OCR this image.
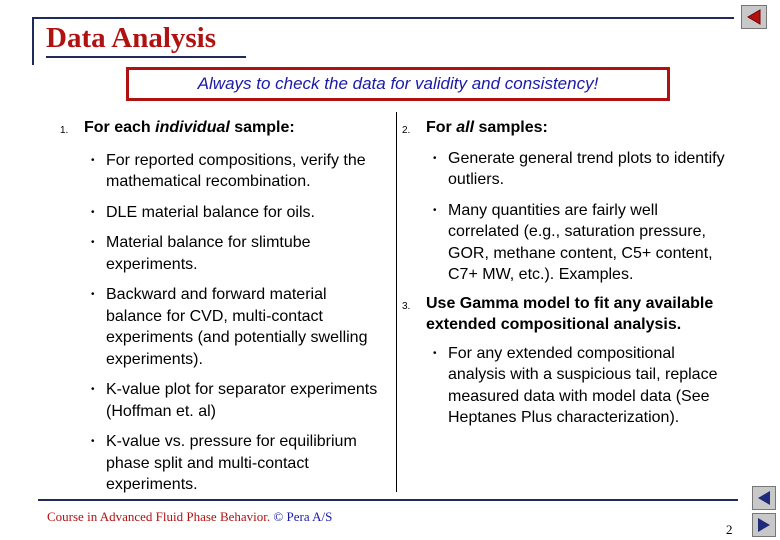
Data Analysis
Always to check the data for validity and consistency!
1. For each individual sample:
• For reported compositions, verify the mathematical recombination.
• DLE material balance for oils.
• Material balance for slimtube experiments.
• Backward and forward material balance for CVD, multi-contact experiments (and potentially swelling experiments).
• K-value plot for separator experiments (Hoffman et. al)
• K-value vs. pressure for equilibrium phase split and multi-contact experiments.
2. For all samples:
• Generate general trend plots to identify outliers.
• Many quantities are fairly well correlated (e.g., saturation pressure, GOR, methane content, C5+ content, C7+ MW, etc.). Examples.
3. Use Gamma model to fit any available extended compositional analysis.
• For any extended compositional analysis with a suspicious tail, replace measured data with model data (See Heptanes Plus characterization).
Course in Advanced Fluid Phase Behavior. © Pera A/S
2
